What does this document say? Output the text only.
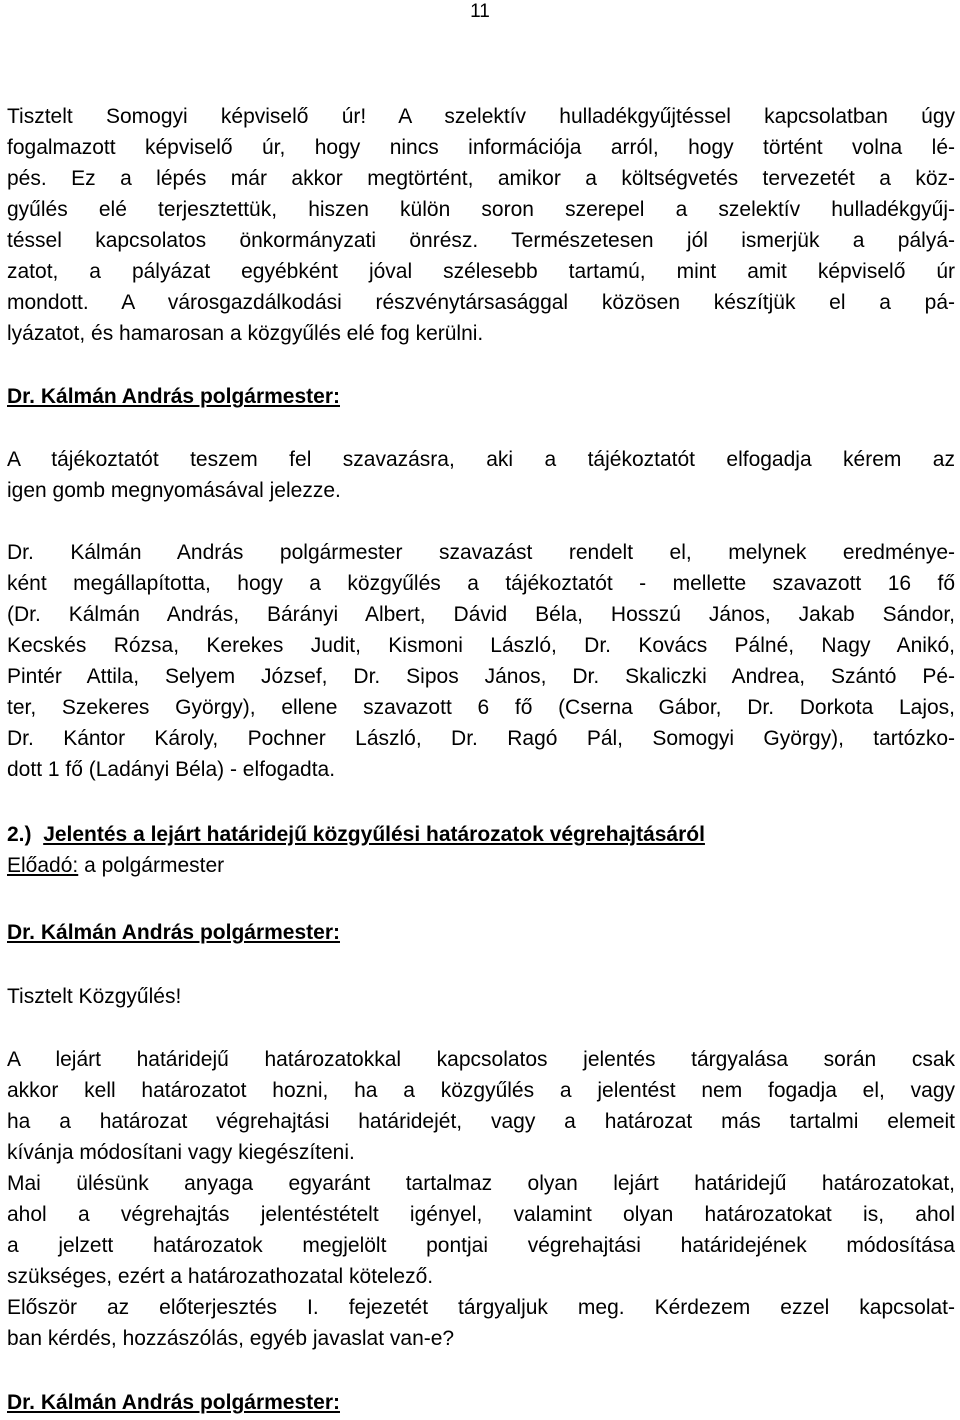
11
Tisztelt Somogyi képviselő úr! A szelektív hulladékgyűjtéssel kapcsolatban úgy
fogalmazott képviselő úr, hogy nincs információja arról, hogy történt volna lé-
pés. Ez a lépés már akkor megtörtént, amikor a költségvetés tervezetét a köz-
gyűlés elé terjesztettük, hiszen külön soron szerepel a szelektív hulladékgyűj-
téssel kapcsolatos önkormányzati önrész. Természetesen jól ismerjük a pályá-
zatot, a pályázat egyébként jóval szélesebb tartamú, mint amit képviselő úr
mondott. A városgazdálkodási részvénytársasággal közösen készítjük el a pá-
lyázatot, és hamarosan a közgyűlés elé fog kerülni.
Dr. Kálmán András polgármester:
A tájékoztatót teszem fel szavazásra, aki a tájékoztatót elfogadja kérem az
igen gomb megnyomásával jelezze.
Dr. Kálmán András polgármester szavazást rendelt el, melynek eredménye-
ként megállapította, hogy a közgyűlés a tájékoztatót - mellette szavazott 16 fő
(Dr. Kálmán András, Bárányi Albert, Dávid Béla, Hosszú János, Jakab Sándor,
Kecskés Rózsa, Kerekes Judit, Kismoni László, Dr. Kovács Pálné, Nagy Anikó,
Pintér Attila, Selyem József, Dr. Sipos János, Dr. Skaliczki Andrea, Szántó Pé-
ter, Szekeres György), ellene szavazott 6 fő (Cserna Gábor, Dr. Dorkota Lajos,
Dr. Kántor Károly, Pochner László, Dr. Ragó Pál, Somogyi György), tartózko-
dott 1 fő (Ladányi Béla) - elfogadta.
2.) Jelentés a lejárt határidejű közgyűlési határozatok végrehajtásáról
Előadó: a polgármester
Dr. Kálmán András polgármester:
Tisztelt Közgyűlés!
A lejárt határidejű határozatokkal kapcsolatos jelentés tárgyalása során csak
akkor kell határozatot hozni, ha a közgyűlés a jelentést nem fogadja el, vagy
ha a határozat végrehajtási határidejét, vagy a határozat más tartalmi elemeit
kívánja módosítani vagy kiegészíteni.
Mai ülésünk anyaga egyaránt tartalmaz olyan lejárt határidejű határozatokat,
ahol a végrehajtás jelentéstételt igényel, valamint olyan határozatokat is, ahol
a jelzett határozatok megjelölt pontjai végrehajtási határidejének módosítása
szükséges, ezért a határozathozatal kötelező.
Először az előterjesztés I. fejezetét tárgyaljuk meg. Kérdezem ezzel kapcsolat-
ban kérdés, hozzászólás, egyéb javaslat van-e?
Dr. Kálmán András polgármester:
